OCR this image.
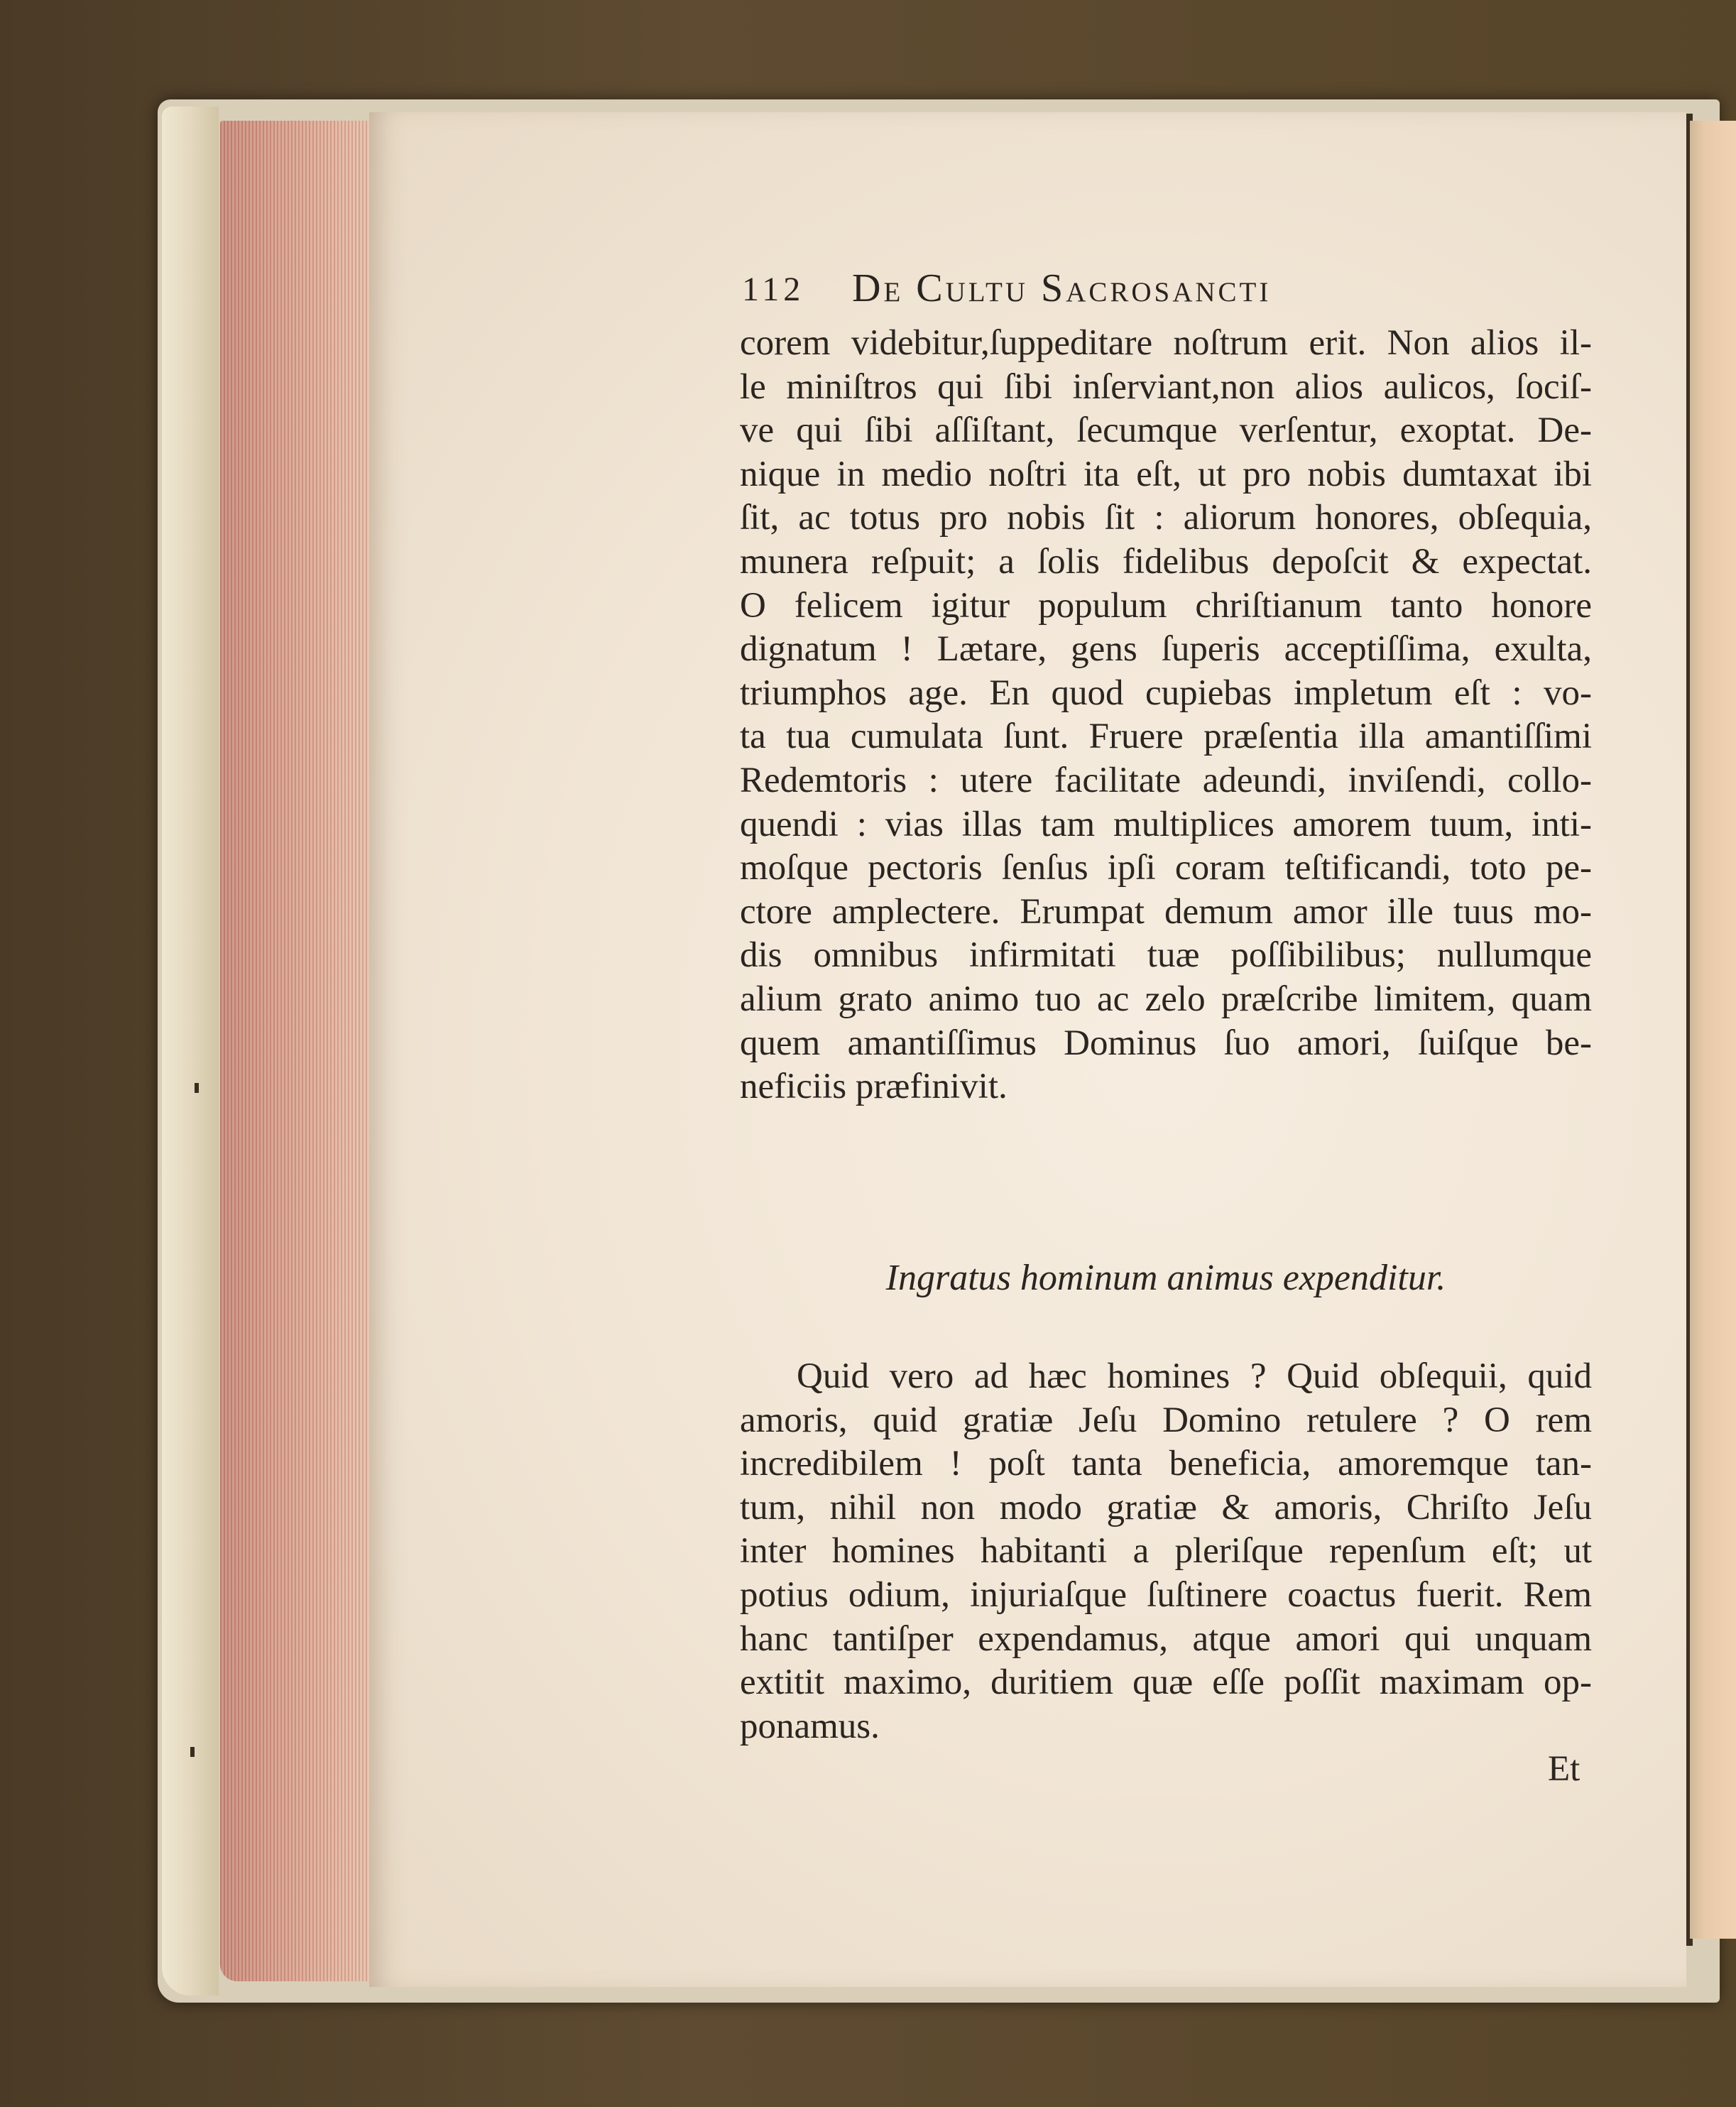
112 De Cultu Sacrosancti
corem videbitur,ſuppeditare noſtrum erit. Non alios il-
le miniſtros qui ſibi inſerviant,non alios aulicos, ſociſ-
ve qui ſibi aſſiſtant, ſecumque verſentur, exoptat. De-
nique in medio noſtri ita eſt, ut pro nobis dumtaxat ibi
ſit, ac totus pro nobis ſit : aliorum honores, obſequia,
munera reſpuit; a ſolis fidelibus depoſcit & expectat.
O felicem igitur populum chriſtianum tanto honore
dignatum ! Lætare, gens ſuperis acceptiſſima, exulta,
triumphos age. En quod cupiebas impletum eſt : vo-
ta tua cumulata ſunt. Fruere præſentia illa amantiſſimi
Redemtoris : utere facilitate adeundi, inviſendi, collo-
quendi : vias illas tam multiplices amorem tuum, inti-
moſque pectoris ſenſus ipſi coram teſtificandi, toto pe-
ctore amplectere. Erumpat demum amor ille tuus mo-
dis omnibus infirmitati tuæ poſſibilibus; nullumque
alium grato animo tuo ac zelo præſcribe limitem, quam
quem amantiſſimus Dominus ſuo amori, ſuiſque be-
neficiis præfinivit.
Ingratus hominum animus expenditur.
Quid vero ad hæc homines ? Quid obſequii, quid
amoris, quid gratiæ Jeſu Domino retulere ? O rem
incredibilem ! poſt tanta beneficia, amoremque tan-
tum, nihil non modo gratiæ & amoris, Chriſto Jeſu
inter homines habitanti a pleriſque repenſum eſt; ut
potius odium, injuriaſque ſuſtinere coactus fuerit. Rem
hanc tantiſper expendamus, atque amori qui unquam
extitit maximo, duritiem quæ eſſe poſſit maximam op-
ponamus.
Et
